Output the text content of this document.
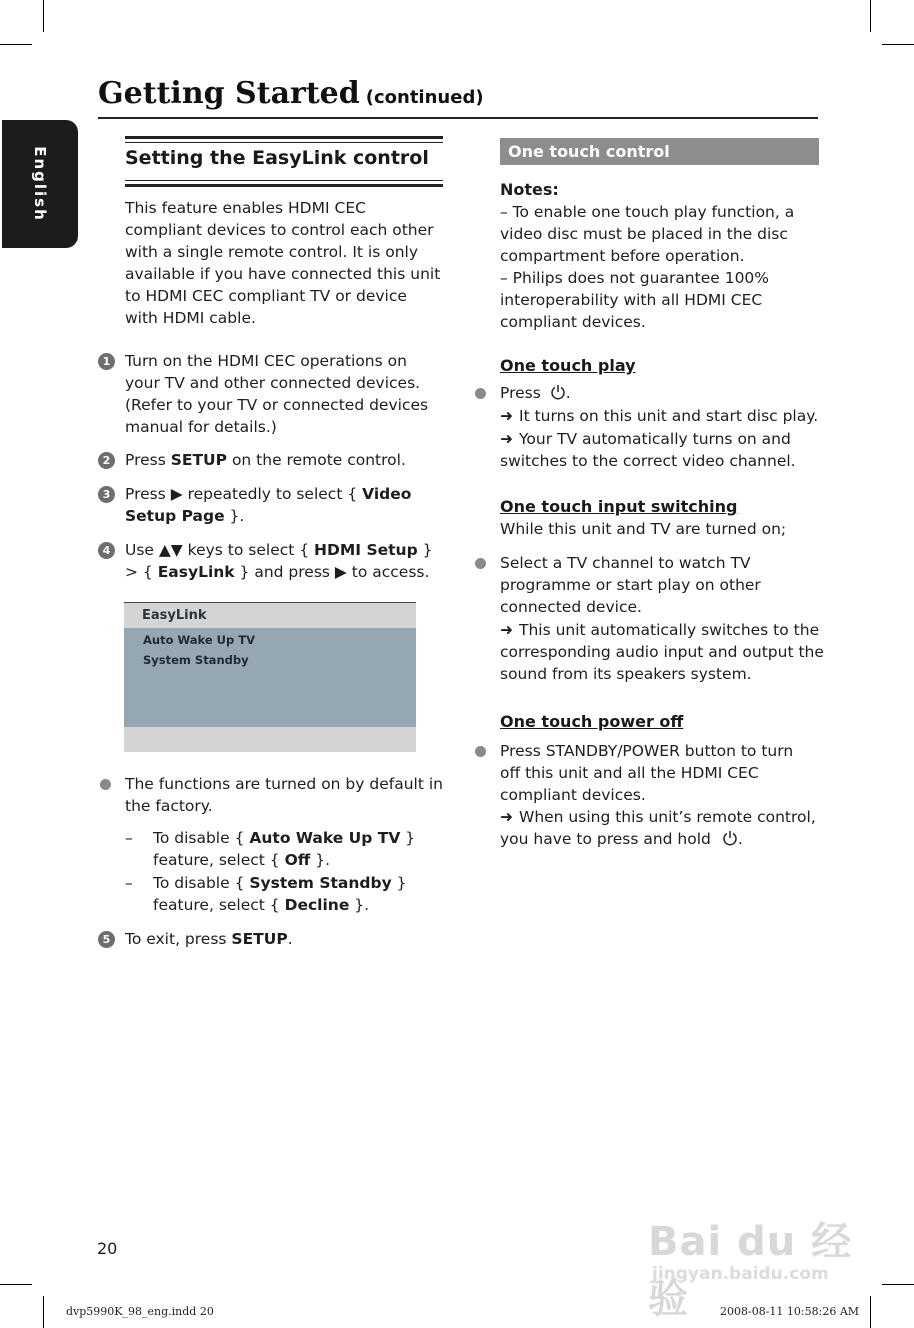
English
Getting Started (continued)
Setting the EasyLink control
This feature enables HDMI CEC
compliant devices to control each other
with a single remote control. It is only
available if you have connected this unit
to HDMI CEC compliant TV or device
with HDMI cable.
1 Turn on the HDMI CEC operations on
your TV and other connected devices.
(Refer to your TV or connected devices
manual for details.)
2 Press SETUP on the remote control.
3 Press ▶ repeatedly to select { Video
Setup Page }.
4 Use ▲▼ keys to select { HDMI Setup }
> { EasyLink } and press ▶ to access.
EasyLink
Auto Wake Up TV
System Standby
The functions are turned on by default in
the factory.
– To disable { Auto Wake Up TV }
feature, select { Off }.
– To disable { System Standby }
feature, select { Decline }.
5 To exit, press SETUP.
One touch control
Notes:
– To enable one touch play function, a
video disc must be placed in the disc
compartment before operation.
– Philips does not guarantee 100%
interoperability with all HDMI CEC
compliant devices.
One touch play
Press .
➜ It turns on this unit and start disc play.
➜ Your TV automatically turns on and
switches to the correct video channel.
One touch input switching
While this unit and TV are turned on;
Select a TV channel to watch TV
programme or start play on other
connected device.
➜ This unit automatically switches to the
corresponding audio input and output the
sound from its speakers system.
One touch power off
Press STANDBY/POWER button to turn
off this unit and all the HDMI CEC
compliant devices.
➜ When using this unit’s remote control,
you have to press and hold .
20
dvp5990K_98_eng.indd 20	2008-08-11 10:58:26 AM
Bai du 经验
jingyan.baidu.com
